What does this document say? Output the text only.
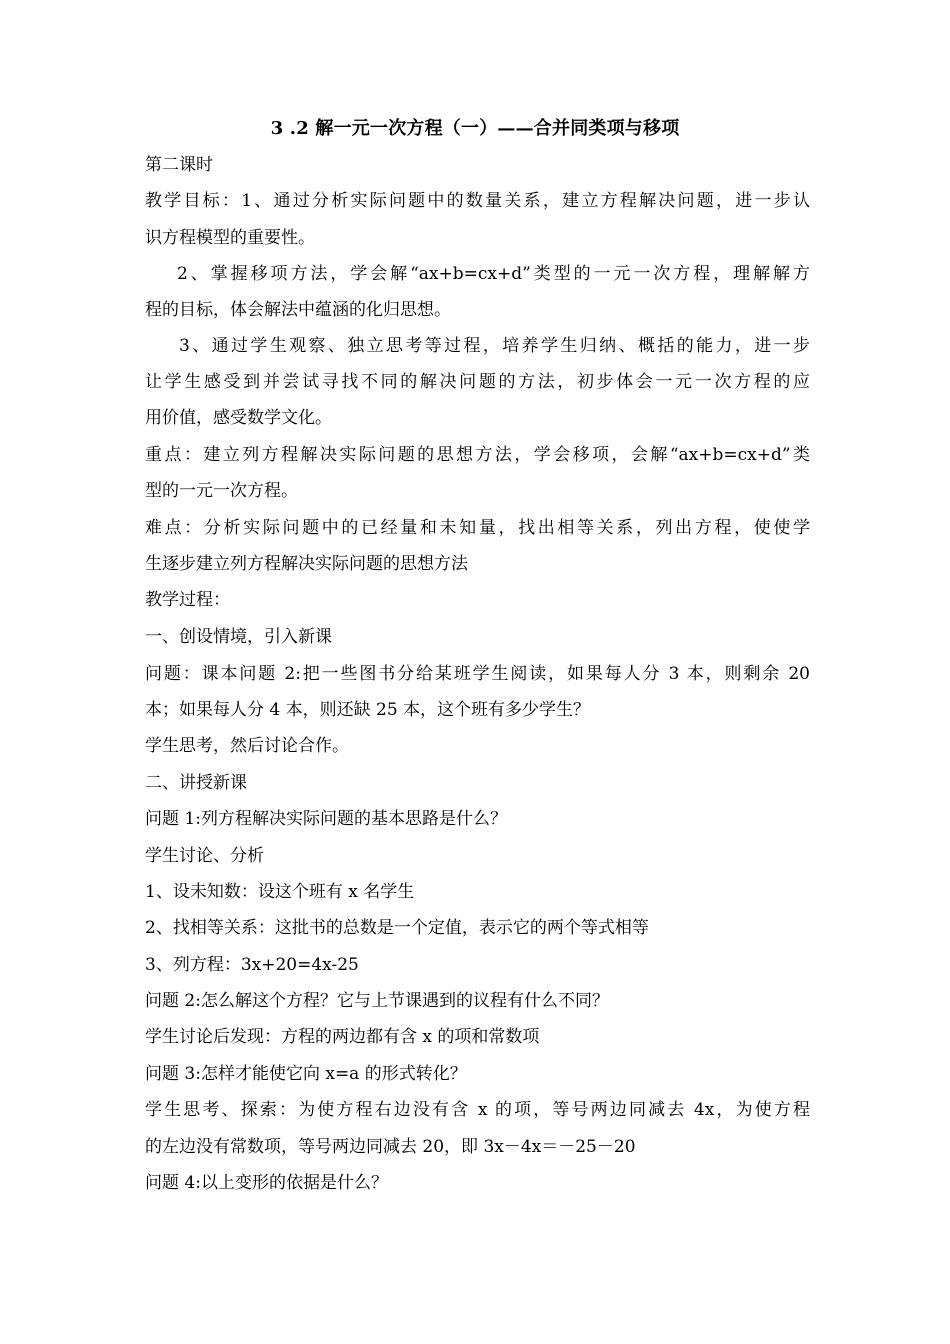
3 .2 解一元一次方程（一）——合并同类项与移项
第二课时
教学目标：1、通过分析实际问题中的数量关系，建立方程解决问题，进一步认
识方程模型的重要性。
2、掌握移项方法，学会解“ax+b=cx+d”类型的一元一次方程，理解解方
程的目标，体会解法中蕴涵的化归思想。
3、通过学生观察、独立思考等过程，培养学生归纳、概括的能力，进一步
让学生感受到并尝试寻找不同的解决问题的方法，初步体会一元一次方程的应
用价值，感受数学文化。
重点：建立列方程解决实际问题的思想方法，学会移项，会解“ax+b=cx+d”类
型的一元一次方程。
难点：分析实际问题中的已经量和未知量，找出相等关系，列出方程，使使学
生逐步建立列方程解决实际问题的思想方法
教学过程：
一、创设情境，引入新课
问题：课本问题 2:把一些图书分给某班学生阅读，如果每人分 3 本，则剩余 20
本；如果每人分 4 本，则还缺 25 本，这个班有多少学生？
学生思考，然后讨论合作。
二、讲授新课
问题 1:列方程解决实际问题的基本思路是什么？
学生讨论、分析
1、设未知数：设这个班有 x 名学生
2、找相等关系：这批书的总数是一个定值，表示它的两个等式相等
3、列方程：3x+20=4x-25
问题 2:怎么解这个方程？它与上节课遇到的议程有什么不同？
学生讨论后发现：方程的两边都有含 x 的项和常数项
问题 3:怎样才能使它向 x=a 的形式转化？
学生思考、探索：为使方程右边没有含 x 的项，等号两边同减去 4x，为使方程
的左边没有常数项，等号两边同减去 20，即 3x－4x＝－25－20
问题 4:以上变形的依据是什么？
